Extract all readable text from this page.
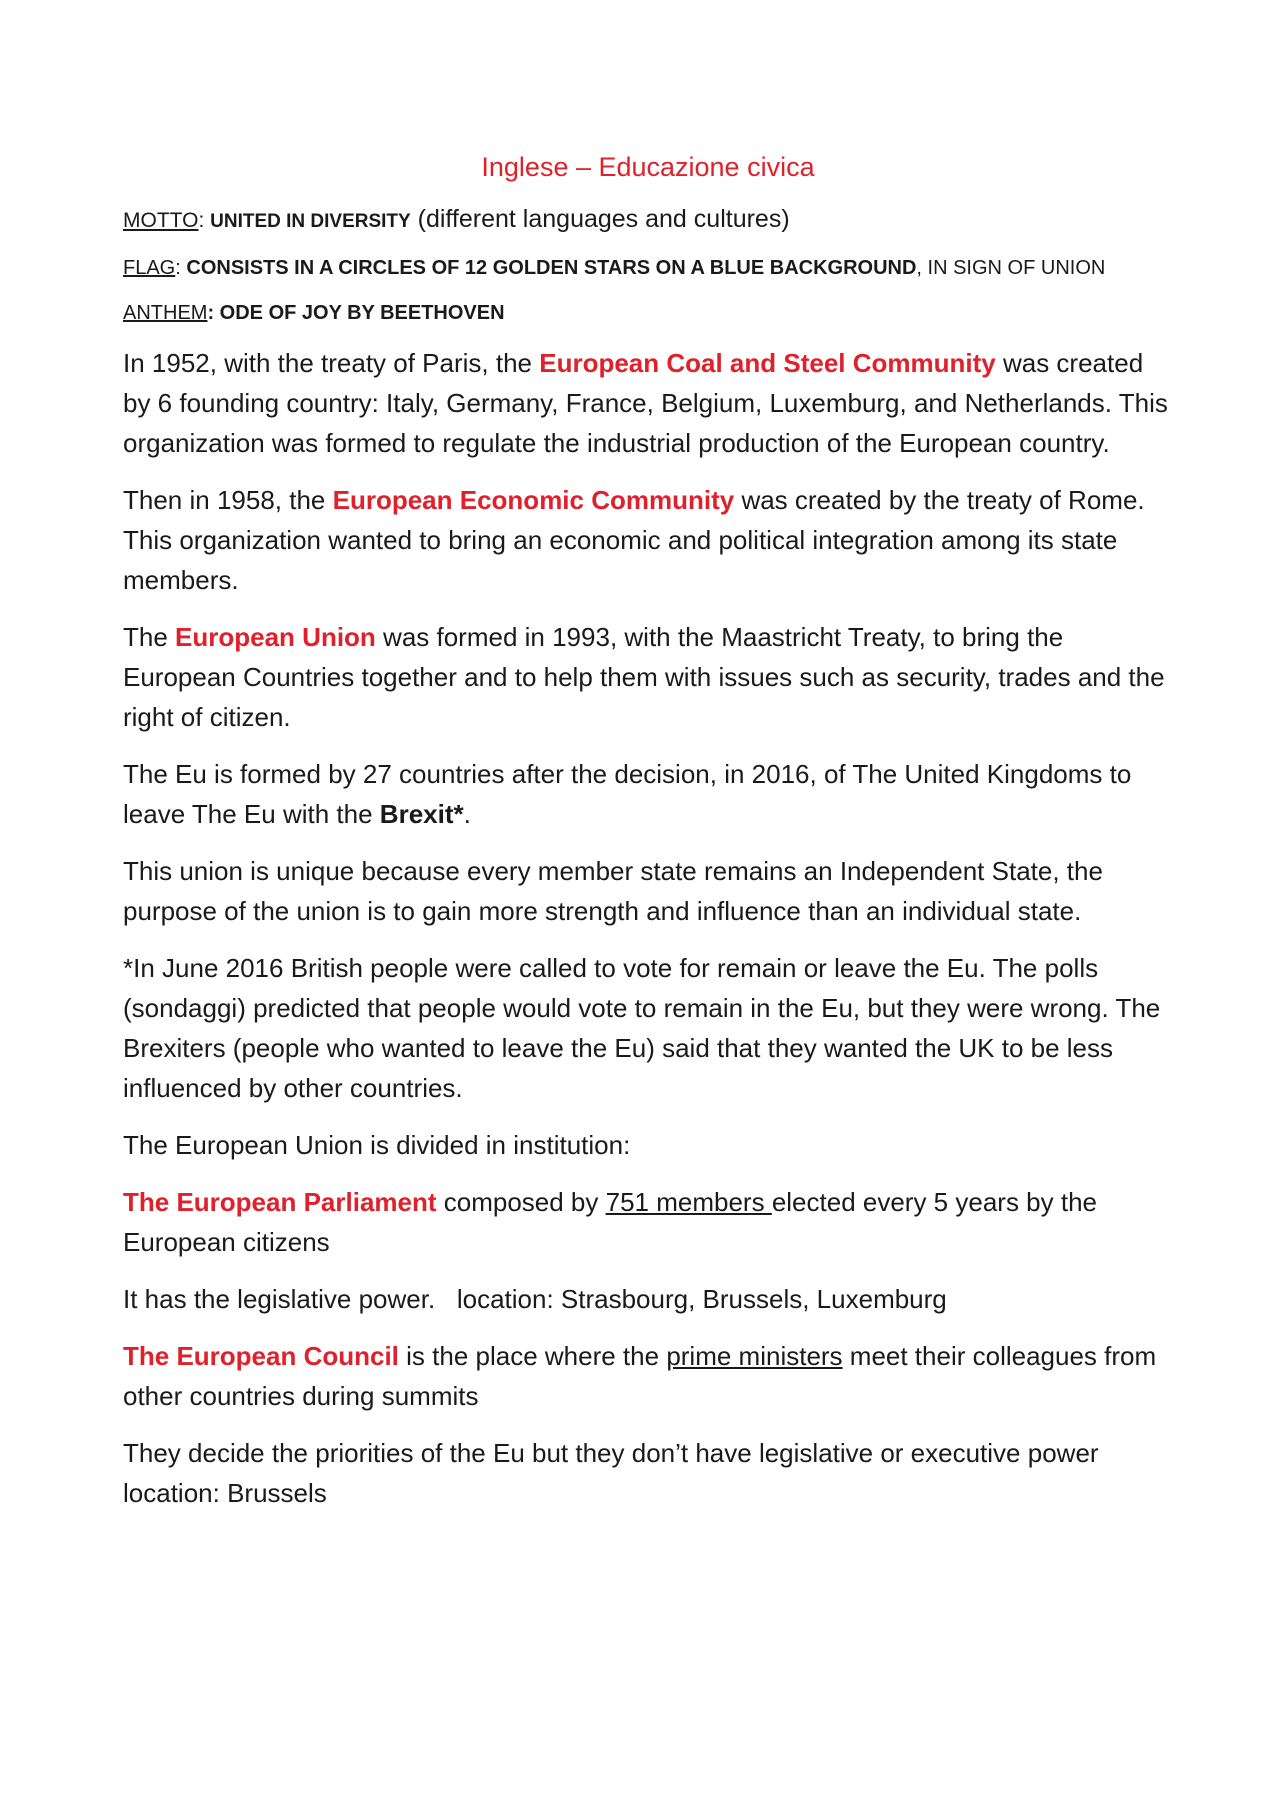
Inglese – Educazione civica
MOTTO: UNITED IN DIVERSITY (different languages and cultures)
FLAG: CONSISTS IN A CIRCLES OF 12 GOLDEN STARS ON A BLUE BACKGROUND, IN SIGN OF UNION
ANTHEM: ODE OF JOY BY BEETHOVEN

In 1952, with the treaty of Paris, the European Coal and Steel Community was created by 6 founding country: Italy, Germany, France, Belgium, Luxemburg, and Netherlands. This organization was formed to regulate the industrial production of the European country.

Then in 1958, the European Economic Community was created by the treaty of Rome. This organization wanted to bring an economic and political integration among its state members.

The European Union was formed in 1993, with the Maastricht Treaty, to bring the European Countries together and to help them with issues such as security, trades and the right of citizen.

The Eu is formed by 27 countries after the decision, in 2016, of The United Kingdoms to leave The Eu with the Brexit*.

This union is unique because every member state remains an Independent State, the purpose of the union is to gain more strength and influence than an individual state.

*In June 2016 British people were called to vote for remain or leave the Eu. The polls (sondaggi) predicted that people would vote to remain in the Eu, but they were wrong. The Brexiters (people who wanted to leave the Eu) said that they wanted the UK to be less influenced by other countries.

The European Union is divided in institution:

The European Parliament composed by 751 members elected every 5 years by the European citizens

It has the legislative power.   location: Strasbourg, Brussels, Luxemburg

The European Council is the place where the prime ministers meet their colleagues from other countries during summits

They decide the priorities of the Eu but they don’t have legislative or executive power    location: Brussels
